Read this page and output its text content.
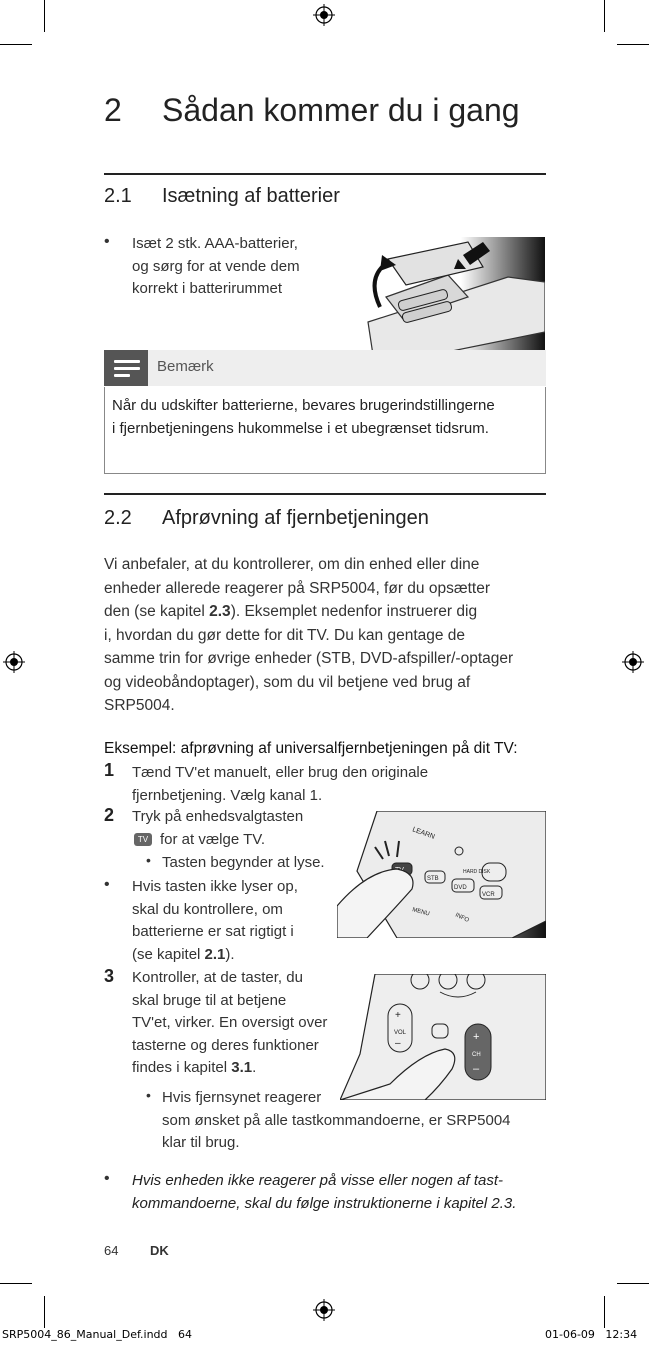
2 Sådan kommer du i gang
2.1 Isætning af batterier
• Isæt 2 stk. AAA-batterier,
og sørg for at vende dem
korrekt i batterirummet
Bemærk
Når du udskifter batterierne, bevares brugerindstillingerne
i fjernbetjeningens hukommelse i et ubegrænset tidsrum.
2.2 Afprøvning af fjernbetjeningen
Vi anbefaler, at du kontrollerer, om din enhed eller dine
enheder allerede reagerer på SRP5004, før du opsætter
den (se kapitel 2.3). Eksemplet nedenfor instruerer dig
i, hvordan du gør dette for dit TV. Du kan gentage de
samme trin for øvrige enheder (STB, DVD-afspiller/-optager
og videobåndoptager), som du vil betjene ved brug af
SRP5004.
Eksempel: afprøvning af universalfjernbetjeningen på dit TV:
1 Tænd TV'et manuelt, eller brug den originale
fjernbetjening. Vælg kanal 1.
2 Tryk på enhedsvalgtasten
TV for at vælge TV.
• Tasten begynder at lyse.
• Hvis tasten ikke lyser op,
skal du kontrollere, om
batterierne er sat rigtigt i
(se kapitel 2.1).
LEARN
HARD DISK
STB
DVD
VCR
MENU
INFO
3 Kontroller, at de taster, du
skal bruge til at betjene
TV'et, virker. En oversigt over
tasterne og deres funktioner
findes i kapitel 3.1.
• Hvis fjernsynet reagerer
som ønsket på alle tastkommandoerne, er SRP5004
klar til brug.
+
–
VOL	+
–
CH
• Hvis enheden ikke reagerer på visse eller nogen af tast-
kommandoerne, skal du følge instruktionerne i kapitel 2.3.
64 DK
SRP5004_86_Manual_Def.indd   64	01-06-09   12:34
